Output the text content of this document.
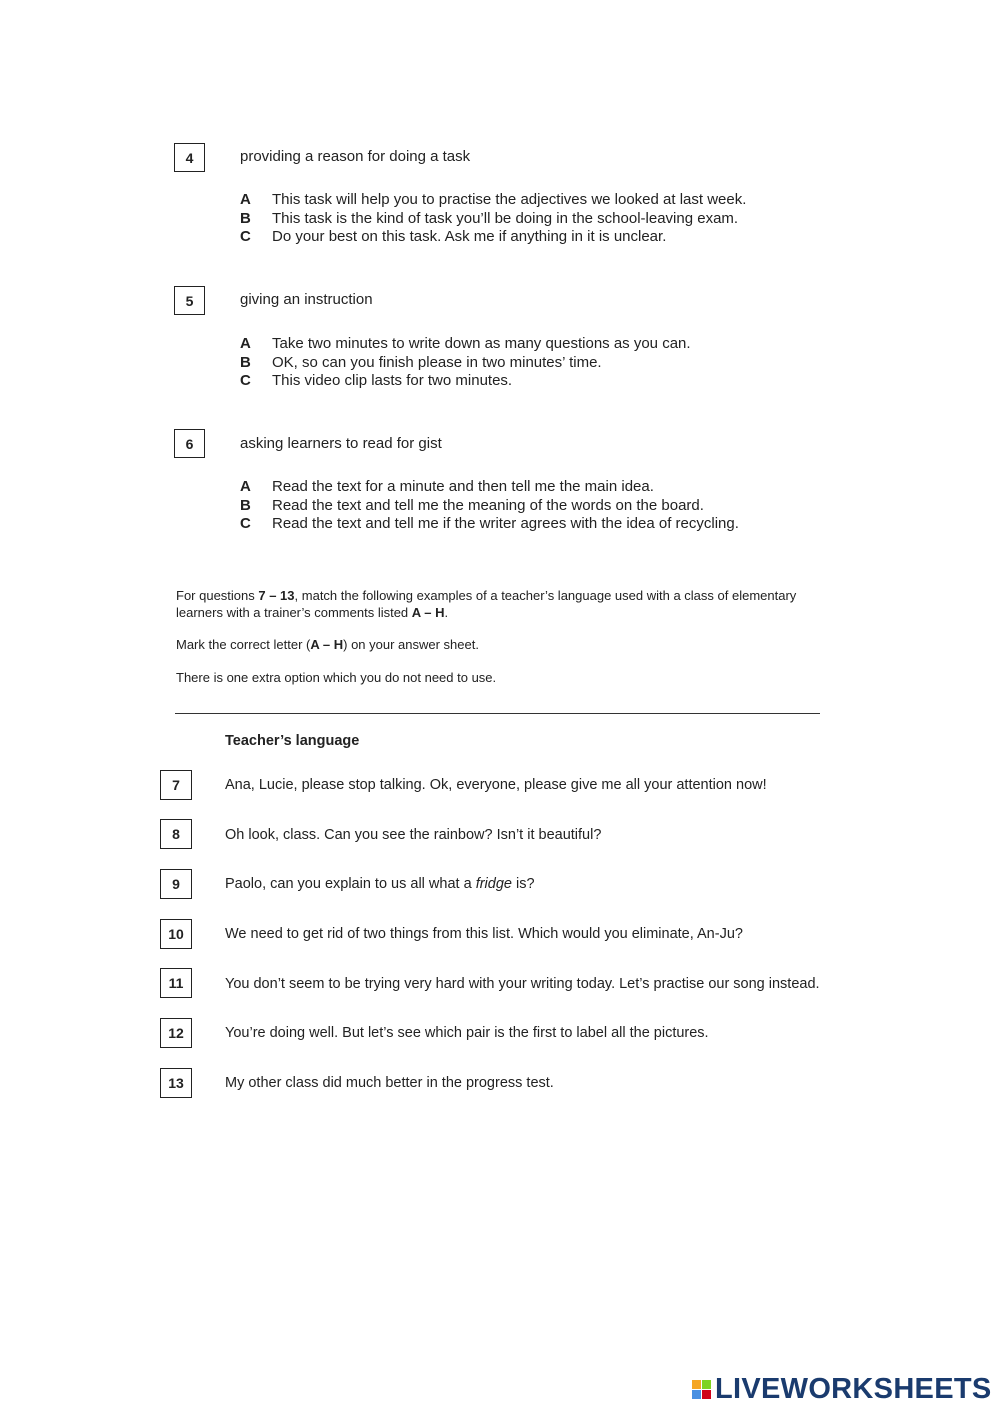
4	providing a reason for doing a task
A	This task will help you to practise the adjectives we looked at last week.
B	This task is the kind of task you’ll be doing in the school-leaving exam.
C	Do your best on this task. Ask me if anything in it is unclear.
5	giving an instruction
A	Take two minutes to write down as many questions as you can.
B	OK, so can you finish please in two minutes’ time.
C	This video clip lasts for two minutes.
6	asking learners to read for gist
A	Read the text for a minute and then tell me the main idea.
B	Read the text and tell me the meaning of the words on the board.
C	Read the text and tell me if the writer agrees with the idea of recycling.
For questions 7 – 13, match the following examples of a teacher’s language used with a class of elementary learners with a trainer’s comments listed A – H.
Mark the correct letter (A – H) on your answer sheet.
There is one extra option which you do not need to use.
Teacher’s language
7	Ana, Lucie, please stop talking. Ok, everyone, please give me all your attention now!
8	Oh look, class. Can you see the rainbow? Isn’t it beautiful?
9	Paolo, can you explain to us all what a fridge is?
10	We need to get rid of two things from this list. Which would you eliminate, An-Ju?
11	You don’t seem to be trying very hard with your writing today. Let’s practise our song instead.
12	You’re doing well. But let’s see which pair is the first to label all the pictures.
13	My other class did much better in the progress test.
LIVEWORKSHEETS
